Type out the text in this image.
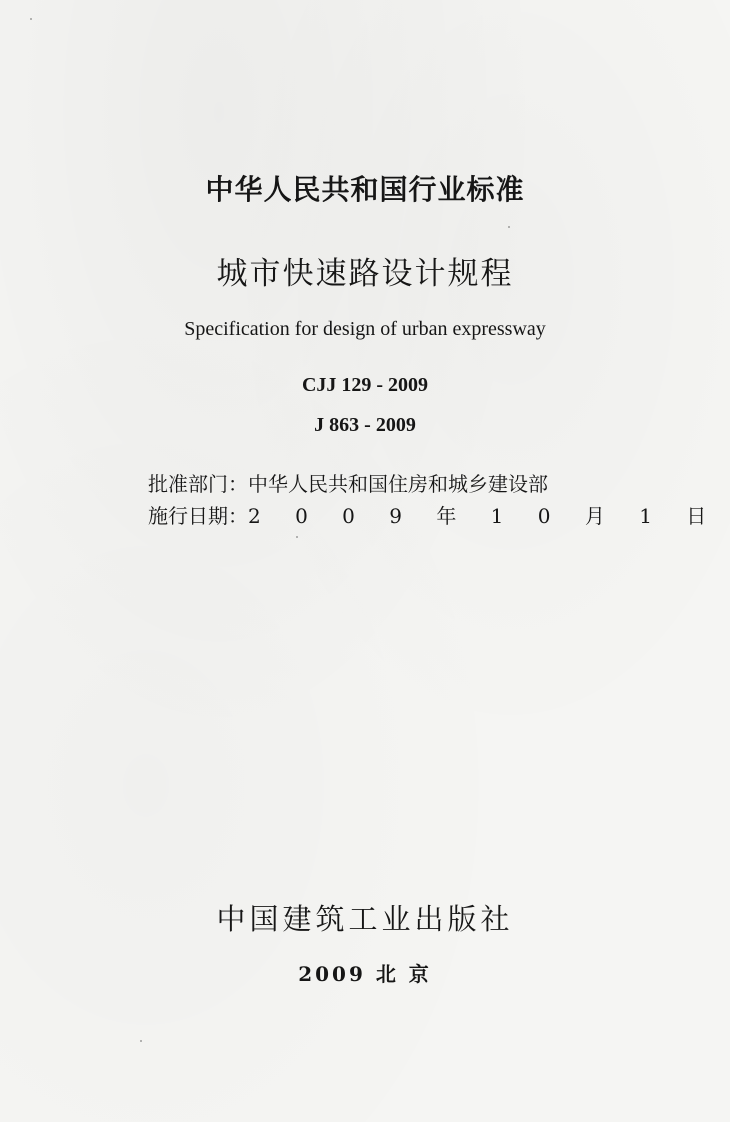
中华人民共和国行业标准
城市快速路设计规程
Specification for design of urban expressway
CJJ 129 - 2009
J 863 - 2009
批准部门： 中华人民共和国住房和城乡建设部
施行日期： 2 0 0 9 年 1 0 月 1 日
中国建筑工业出版社
2009 北 京
